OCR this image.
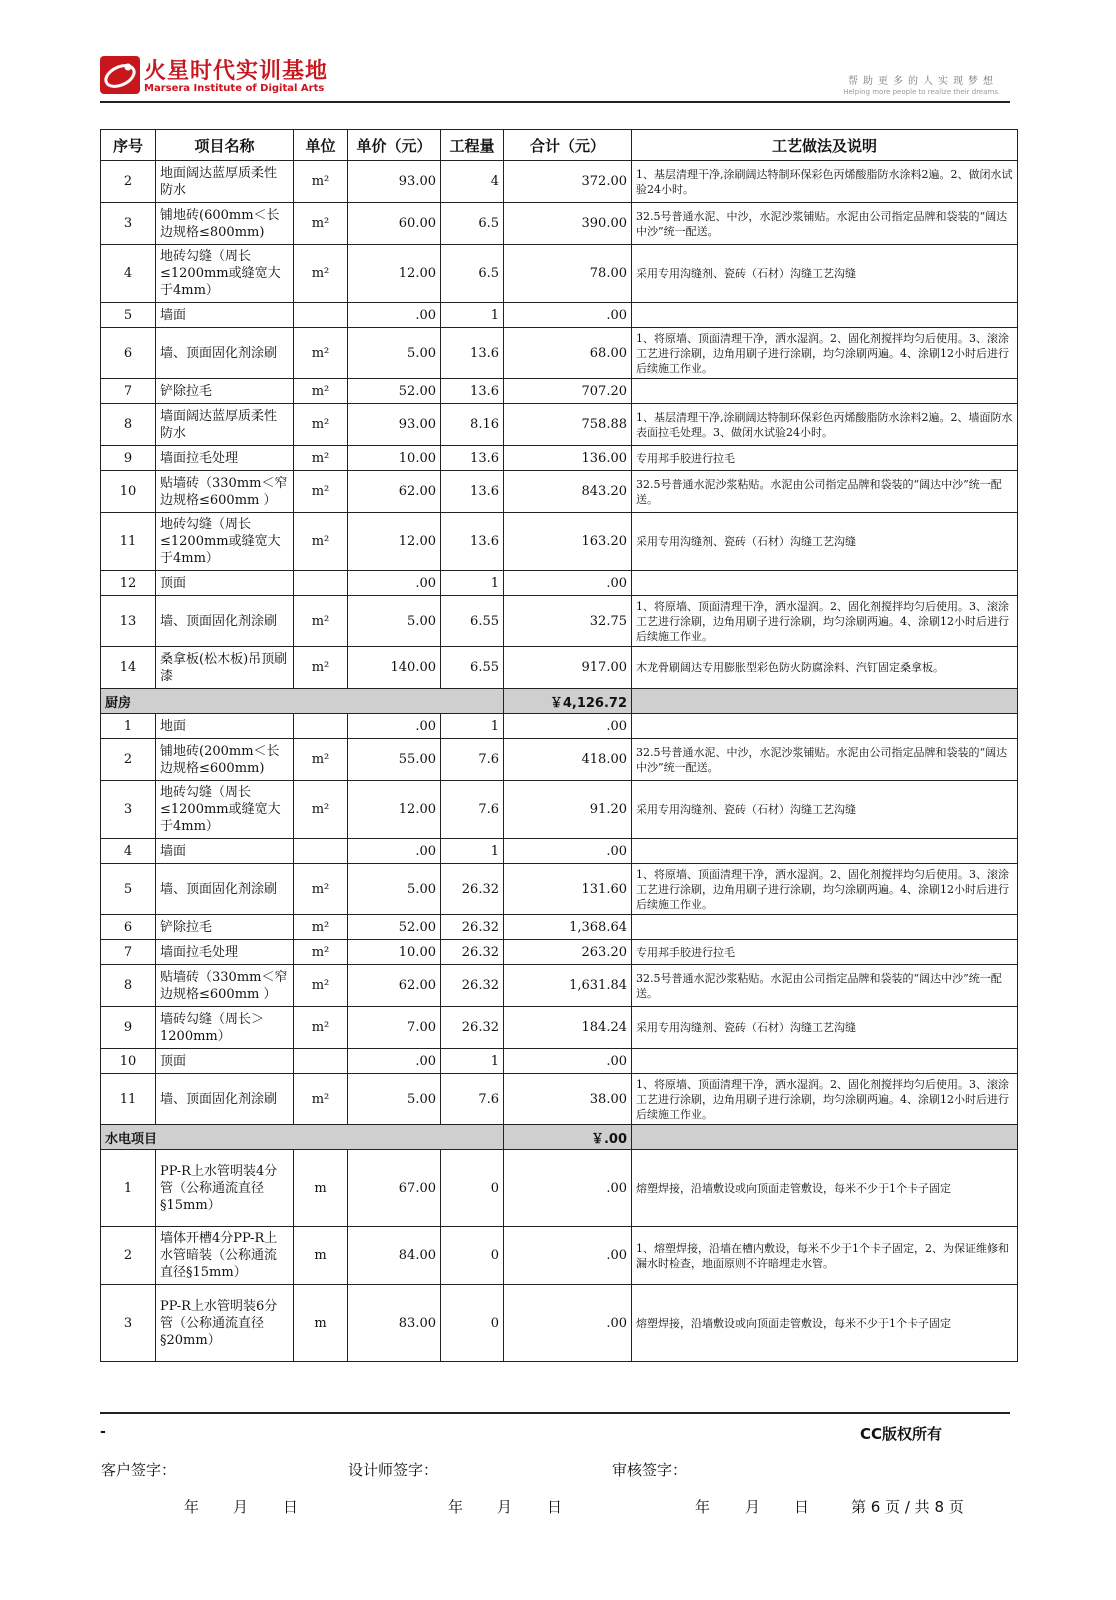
火星时代实训基地
Marsera Institute of Digital Arts
帮助更多的人实现梦想
Helping more people to realize their dreams
序号	项目名称	单位	单价（元）	工程量	合计（元）	工艺做法及说明
2	地面阔达蓝厚质柔性防水	m²	93.00	4	372.00	1、基层清理干净,涂刷阔达特制环保彩色丙烯酸脂防水涂料2遍。2、做闭水试验24小时。
3	铺地砖(600mm＜长边规格≤800mm)	m²	60.00	6.5	390.00	32.5号普通水泥、中沙，水泥沙浆铺贴。水泥由公司指定品牌和袋装的“阔达中沙”统一配送。
4	地砖勾缝（周长≤1200mm或缝宽大于4mm）	m²	12.00	6.5	78.00	采用专用沟缝剂、瓷砖（石材）沟缝工艺沟缝
5	墙面		.00	1	.00	
6	墙、顶面固化剂涂刷	m²	5.00	13.6	68.00	1、将原墙、顶面清理干净，洒水湿润。2、固化剂搅拌均匀后使用。3、滚涂工艺进行涂刷，边角用刷子进行涂刷，均匀涂刷两遍。4、涂刷12小时后进行后续施工作业。
7	铲除拉毛	m²	52.00	13.6	707.20	
8	墙面阔达蓝厚质柔性防水	m²	93.00	8.16	758.88	1、基层清理干净,涂刷阔达特制环保彩色丙烯酸脂防水涂料2遍。2、墙面防水表面拉毛处理。3、做闭水试验24小时。
9	墙面拉毛处理	m²	10.00	13.6	136.00	专用邦手胶进行拉毛
10	贴墙砖（330mm＜窄边规格≤600mm ）	m²	62.00	13.6	843.20	32.5号普通水泥沙浆粘贴。水泥由公司指定品牌和袋装的“阔达中沙”统一配送。
11	地砖勾缝（周长≤1200mm或缝宽大于4mm）	m²	12.00	13.6	163.20	采用专用沟缝剂、瓷砖（石材）沟缝工艺沟缝
12	顶面		.00	1	.00	
13	墙、顶面固化剂涂刷	m²	5.00	6.55	32.75	1、将原墙、顶面清理干净，洒水湿润。2、固化剂搅拌均匀后使用。3、滚涂工艺进行涂刷，边角用刷子进行涂刷，均匀涂刷两遍。4、涂刷12小时后进行后续施工作业。
14	桑拿板(松木板)吊顶刷漆	m²	140.00	6.55	917.00	木龙骨刷阔达专用膨胀型彩色防火防腐涂料、汽钉固定桑拿板。
厨房					￥4,126.72	
1	地面		.00	1	.00	
2	铺地砖(200mm＜长边规格≤600mm)	m²	55.00	7.6	418.00	32.5号普通水泥、中沙，水泥沙浆铺贴。水泥由公司指定品牌和袋装的“阔达中沙”统一配送。
3	地砖勾缝（周长≤1200mm或缝宽大于4mm）	m²	12.00	7.6	91.20	采用专用沟缝剂、瓷砖（石材）沟缝工艺沟缝
4	墙面		.00	1	.00	
5	墙、顶面固化剂涂刷	m²	5.00	26.32	131.60	1、将原墙、顶面清理干净，洒水湿润。2、固化剂搅拌均匀后使用。3、滚涂工艺进行涂刷，边角用刷子进行涂刷，均匀涂刷两遍。4、涂刷12小时后进行后续施工作业。
6	铲除拉毛	m²	52.00	26.32	1,368.64	
7	墙面拉毛处理	m²	10.00	26.32	263.20	专用邦手胶进行拉毛
8	贴墙砖（330mm＜窄边规格≤600mm ）	m²	62.00	26.32	1,631.84	32.5号普通水泥沙浆粘贴。水泥由公司指定品牌和袋装的“阔达中沙”统一配送。
9	墙砖勾缝（周长＞1200mm）	m²	7.00	26.32	184.24	采用专用沟缝剂、瓷砖（石材）沟缝工艺沟缝
10	顶面		.00	1	.00	
11	墙、顶面固化剂涂刷	m²	5.00	7.6	38.00	1、将原墙、顶面清理干净，洒水湿润。2、固化剂搅拌均匀后使用。3、滚涂工艺进行涂刷，边角用刷子进行涂刷，均匀涂刷两遍。4、涂刷12小时后进行后续施工作业。
水电项目					￥.00	
1	PP-R上水管明装4分管（公称通流直径§15mm）	m	67.00	0	.00	熔塑焊接，沿墙敷设或向顶面走管敷设，每米不少于1个卡子固定
2	墙体开槽4分PP-R上水管暗装（公称通流直径§15mm）	m	84.00	0	.00	1、熔塑焊接，沿墙在槽内敷设，每米不少于1个卡子固定，2、为保证维修和漏水时检查，地面原则不许暗埋走水管。
3	PP-R上水管明装6分管（公称通流直径§20mm）	m	83.00	0	.00	熔塑焊接，沿墙敷设或向顶面走管敷设，每米不少于1个卡子固定
-	CC版权所有
客户签字：	设计师签字：	审核签字：
年 月 日	年 月 日	年 月 日	第 6 页 / 共 8 页
